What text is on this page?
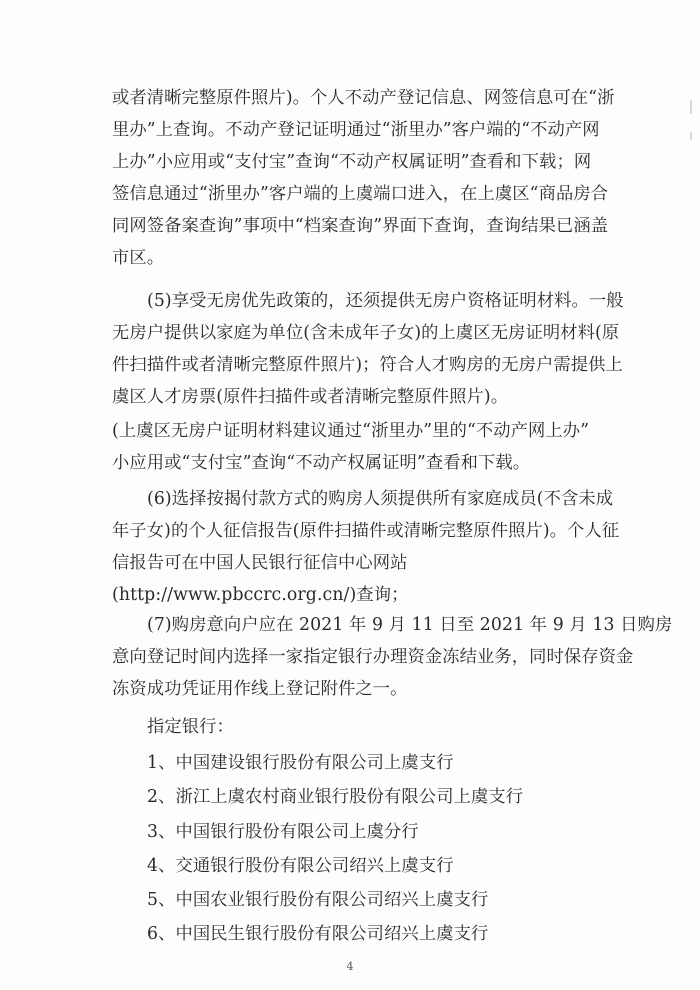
或者清晰完整原件照片)。个人不动产登记信息、网签信息可在“浙
里办”上查询。不动产登记证明通过“浙里办”客户端的“不动产网
上办”小应用或“支付宝”查询“不动产权属证明”查看和下载；网
签信息通过“浙里办”客户端的上虞端口进入，在上虞区“商品房合
同网签备案查询”事项中“档案查询”界面下查询，查询结果已涵盖
市区。
(5)享受无房优先政策的，还须提供无房户资格证明材料。一般
无房户提供以家庭为单位(含未成年子女)的上虞区无房证明材料(原
件扫描件或者清晰完整原件照片)；符合人才购房的无房户需提供上
虞区人才房票(原件扫描件或者清晰完整原件照片)。
(上虞区无房户证明材料建议通过“浙里办”里的“不动产网上办”
小应用或“支付宝”查询“不动产权属证明”查看和下载。
(6)选择按揭付款方式的购房人须提供所有家庭成员(不含未成
年子女)的个人征信报告(原件扫描件或清晰完整原件照片)。个人征
信报告可在中国人民银行征信中心网站
(http://www.pbccrc.org.cn/)查询；
(7)购房意向户应在 2021 年 9 月 11 日至 2021 年 9 月 13 日购房
意向登记时间内选择一家指定银行办理资金冻结业务，同时保存资金
冻资成功凭证用作线上登记附件之一。
指定银行：
1、中国建设银行股份有限公司上虞支行
2、浙江上虞农村商业银行股份有限公司上虞支行
3、中国银行股份有限公司上虞分行
4、交通银行股份有限公司绍兴上虞支行
5、中国农业银行股份有限公司绍兴上虞支行
6、中国民生银行股份有限公司绍兴上虞支行
4
